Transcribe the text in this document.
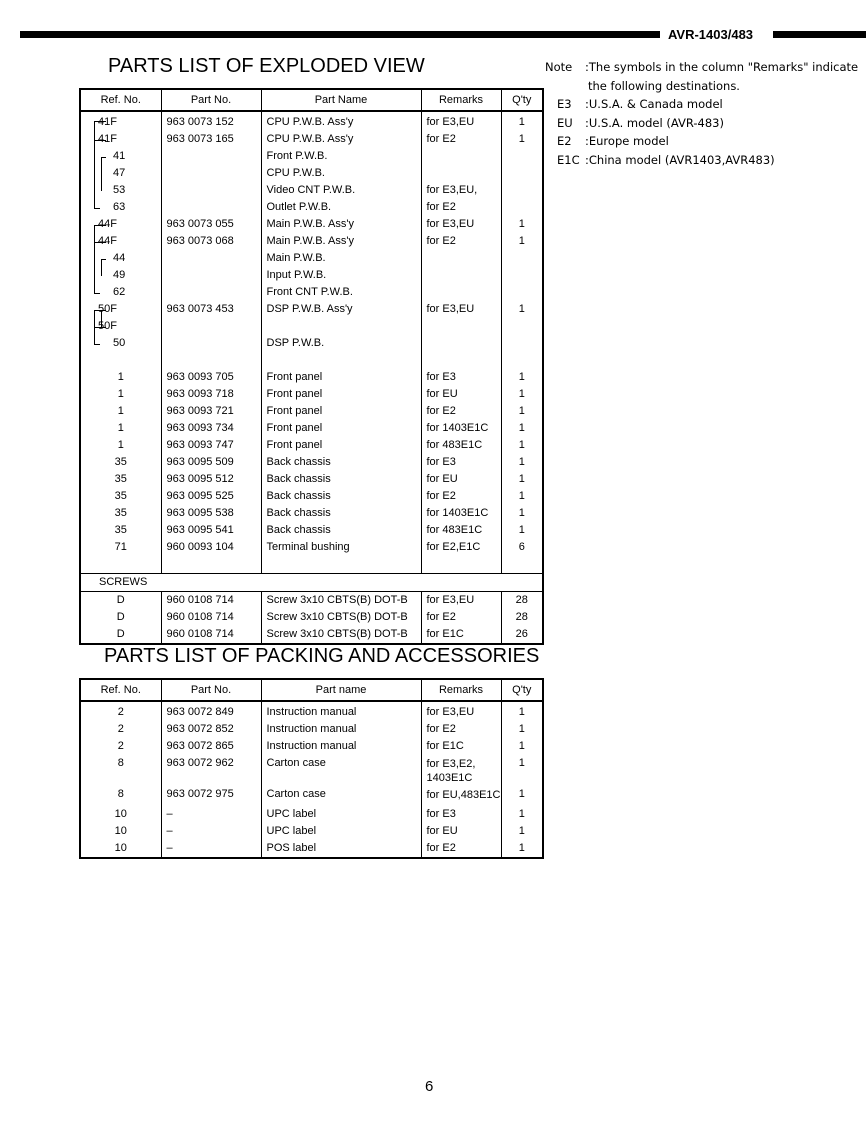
AVR-1403/483
PARTS LIST OF EXPLODED VIEW	Note :The symbols in the column "Remarks" indicate
the following destinations.
E3 :U.S.A. & Canada model
EU :U.S.A. model (AVR-483)
E2 :Europe model
E1C :China model (AVR1403,AVR483)
Ref. No.	Part No.	Part Name	Remarks	Q'ty
41F	963 0073 152	CPU P.W.B. Ass'y	for E3,EU	1
41F	963 0073 165	CPU P.W.B. Ass'y	for E2	1
41		Front P.W.B.		
47		CPU P.W.B.		
53		Video CNT P.W.B.	for E3,EU,	
63		Outlet P.W.B.	for E2	
44F	963 0073 055	Main P.W.B. Ass'y	for E3,EU	1
44F	963 0073 068	Main P.W.B. Ass'y	for E2	1
44		Main P.W.B.		
49		Input P.W.B.		
62		Front CNT P.W.B.		
50F	963 0073 453	DSP P.W.B. Ass'y	for E3,EU	1
50F				
50		DSP P.W.B.		

1	963 0093 705	Front panel	for E3	1
1	963 0093 718	Front panel	for EU	1
1	963 0093 721	Front panel	for E2	1
1	963 0093 734	Front panel	for 1403E1C	1
1	963 0093 747	Front panel	for 483E1C	1
35	963 0095 509	Back chassis	for E3	1
35	963 0095 512	Back chassis	for EU	1
35	963 0095 525	Back chassis	for E2	1
35	963 0095 538	Back chassis	for 1403E1C	1
35	963 0095 541	Back chassis	for 483E1C	1
71	960 0093 104	Terminal bushing	for E2,E1C	6

SCREWS				
D	960 0108 714	Screw 3x10 CBTS(B) DOT-B	for E3,EU	28
D	960 0108 714	Screw 3x10 CBTS(B) DOT-B	for E2	28
D	960 0108 714	Screw 3x10 CBTS(B) DOT-B	for E1C	26
PARTS LIST OF PACKING AND ACCESSORIES
Ref. No.	Part No.	Part name	Remarks	Q'ty
2	963 0072 849	Instruction manual	for E3,EU	1
2	963 0072 852	Instruction manual	for E2	1
2	963 0072 865	Instruction manual	for E1C	1
8	963 0072 962	Carton case	for E3,E2, 1403E1C	1
8	963 0072 975	Carton case	for EU,483E1C	1
10	–	UPC label	for E3	1
10	–	UPC label	for EU	1
10	–	POS label	for E2	1
6
